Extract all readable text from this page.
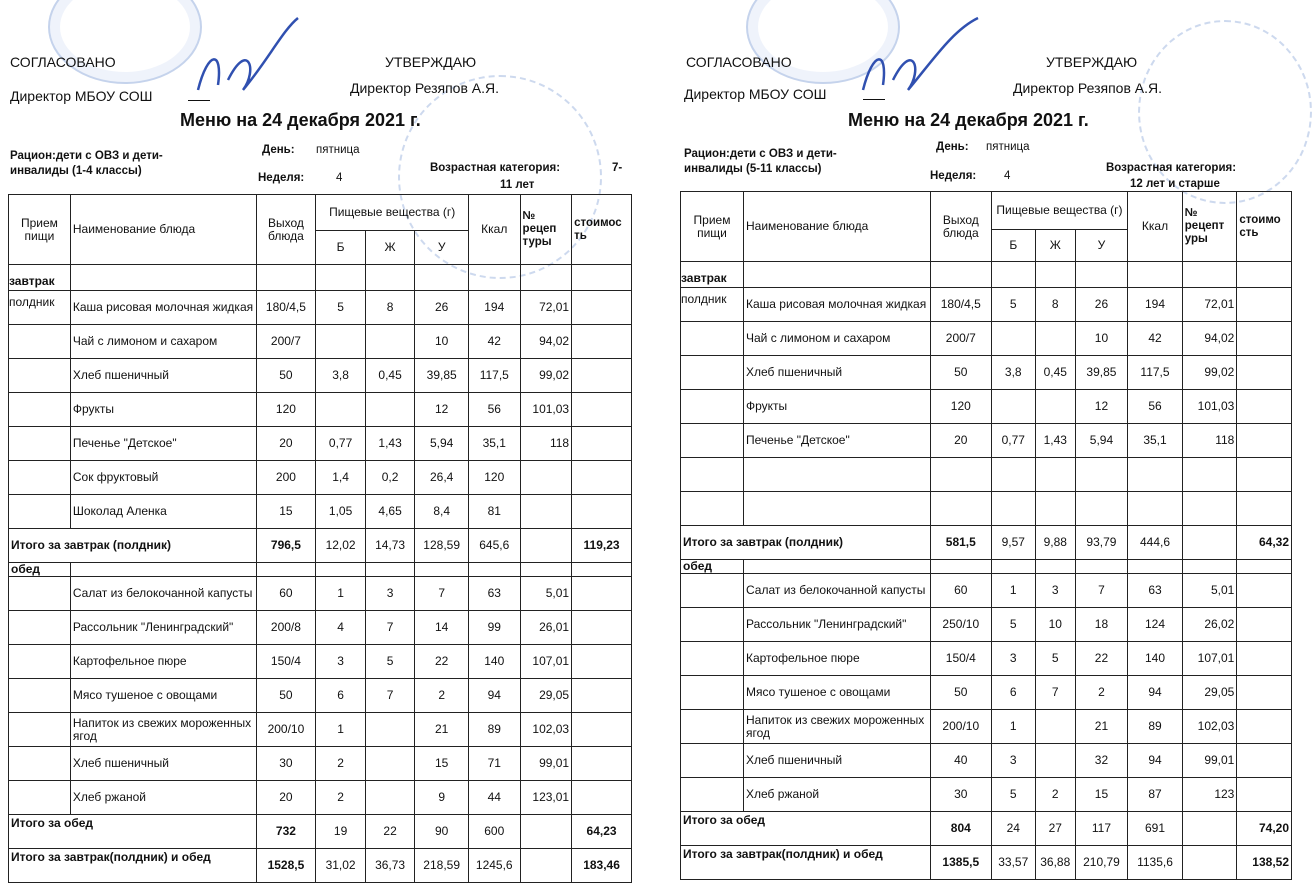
СОГЛАСОВАНО
Директор МБОУ СОШ
УТВЕРЖДАЮ
Директор Резяпов А.Я.
Меню на 24 декабря 2021 г.
Рацион:дети с ОВЗ и дети-
инвалиды (1-4 классы)
День: пятница
Неделя:	4
Возрастная категория:	7-
11 лет
Прием пищи	Наименование блюда	Выход блюда	Пищевые вещества (г)			Ккал	№ рецеп туры	стоимос ть
			Б	Ж	У			

завтрак
полдник	Каша рисовая молочная жидкая	180/4,5	5	8	26	194	72,01	
	Чай с лимоном и сахаром	200/7			10	42	94,02	
	Хлеб пшеничный	50	3,8	0,45	39,85	117,5	99,02	
	Фрукты	120			12	56	101,03	
	Печенье "Детское"	20	0,77	1,43	5,94	35,1	118	
	Сок фруктовый	200	1,4	0,2	26,4	120		
	Шоколад Аленка	15	1,05	4,65	8,4	81		
Итого за завтрак (полдник)		796,5	12,02	14,73	128,59	645,6		119,23
обед								
	Салат из белокочанной капусты	60	1	3	7	63	5,01	
	Рассольник "Ленинградский"	200/8	4	7	14	99	26,01	
	Картофельное пюре	150/4	3	5	22	140	107,01	
	Мясо тушеное с овощами	50	6	7	2	94	29,05	
	Напиток из свежих мороженных ягод	200/10	1		21	89	102,03	
	Хлеб пшеничный	30	2		15	71	99,01	
	Хлеб ржаной	20	2		9	44	123,01	
Итого за обед		732	19	22	90	600		64,23
Итого за завтрак(полдник) и обед		1528,5	31,02	36,73	218,59	1245,6		183,46
СОГЛАСОВАНО
Директор МБОУ СОШ
УТВЕРЖДАЮ
Директор Резяпов А.Я.
Меню на 24 декабря 2021 г.
Рацион:дети с ОВЗ и дети-
инвалиды (5-11 классы)
День: пятница
Неделя: 4
Возрастная категория:
12 лет и старше
Прием пищи	Наименование блюда	Выход блюда	Пищевые вещества (г)			Ккал	№ рецепт уры	стоимо сть
			Б	Ж	У			

завтрак
полдник	Каша рисовая молочная жидкая	180/4,5	5	8	26	194	72,01	
	Чай с лимоном и сахаром	200/7			10	42	94,02	
	Хлеб пшеничный	50	3,8	0,45	39,85	117,5	99,02	
	Фрукты	120			12	56	101,03	
	Печенье "Детское"	20	0,77	1,43	5,94	35,1	118	

Итого за завтрак (полдник)		581,5	9,57	9,88	93,79	444,6		64,32
обед								
	Салат из белокочанной капусты	60	1	3	7	63	5,01	
	Рассольник "Ленинградский"	250/10	5	10	18	124	26,02	
	Картофельное пюре	150/4	3	5	22	140	107,01	
	Мясо тушеное с овощами	50	6	7	2	94	29,05	
	Напиток из свежих мороженных ягод	200/10	1		21	89	102,03	
	Хлеб пшеничный	40	3		32	94	99,01	
	Хлеб ржаной	30	5	2	15	87	123	
Итого за обед		804	24	27	117	691		74,20
Итого за завтрак(полдник) и обед		1385,5	33,57	36,88	210,79	1135,6		138,52
